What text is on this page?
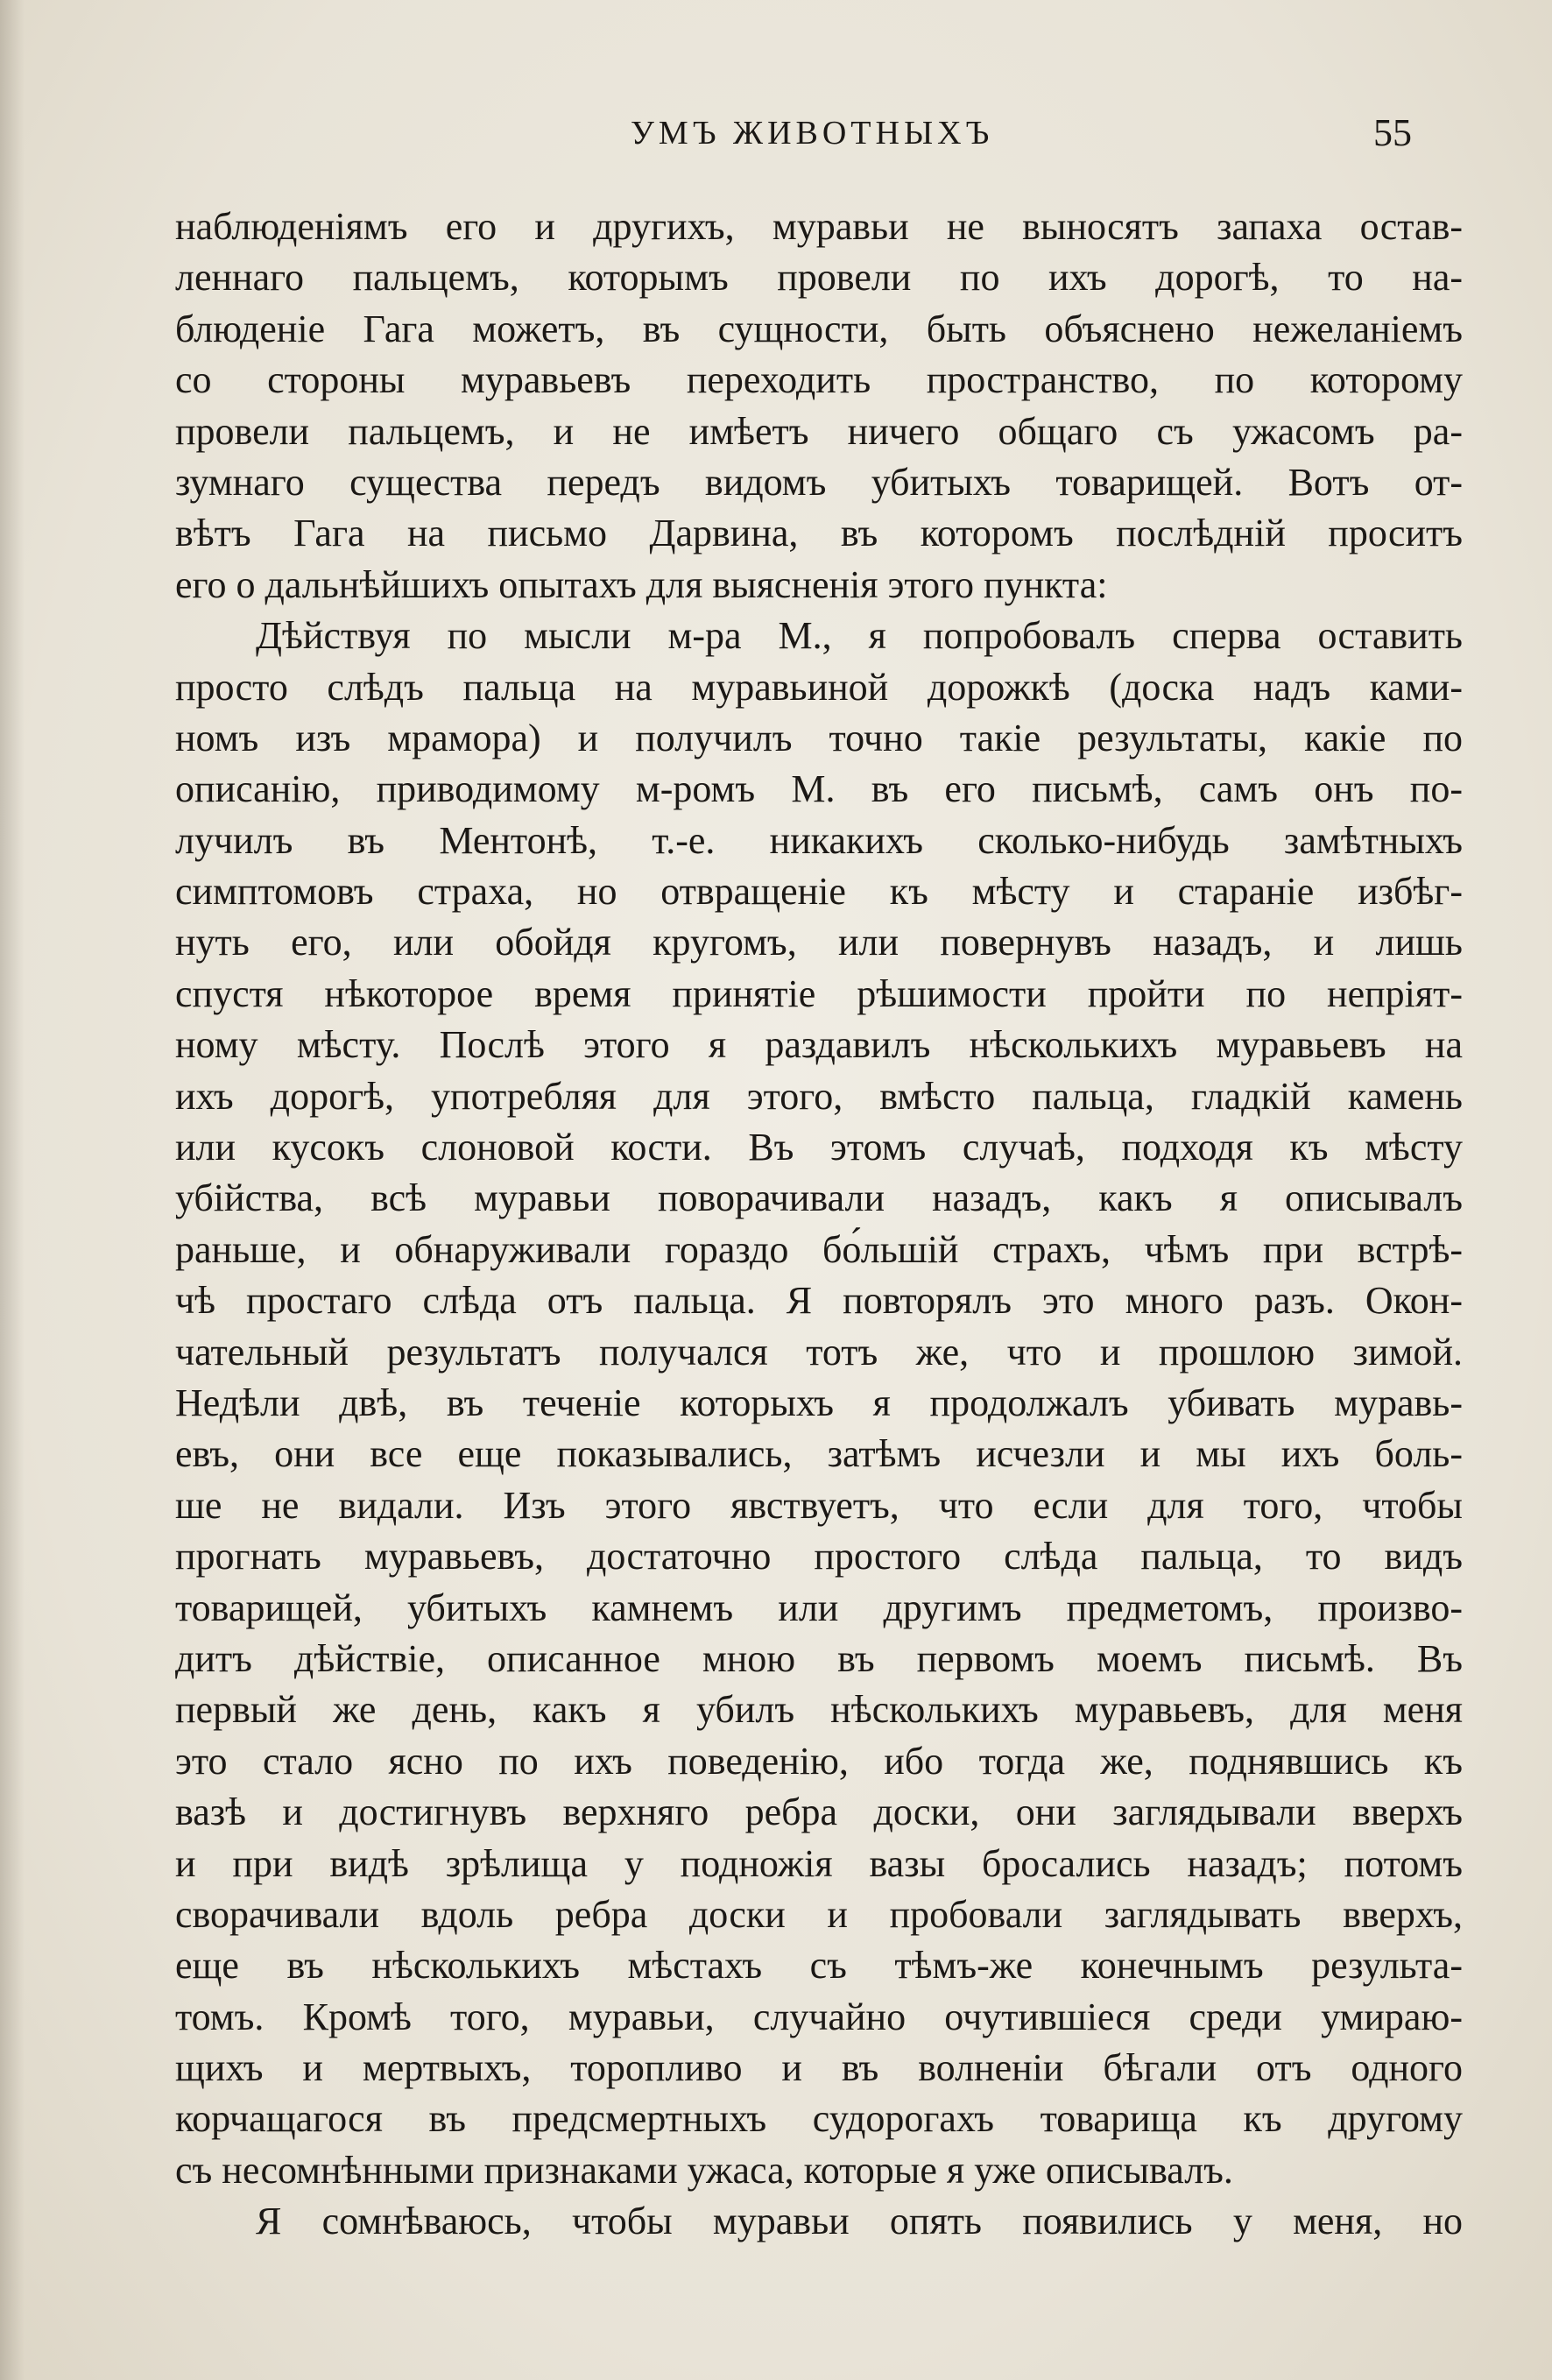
УМЪ ЖИВОТНЫХЪ	55
наблюденіямъ его и другихъ, муравьи не выносятъ запаха остав-
леннаго пальцемъ, которымъ провели по ихъ дорогѣ, то на-
блюденіе Гага можетъ, въ сущности, быть объяснено нежеланіемъ
со стороны муравьевъ переходить пространство, по которому
провели пальцемъ, и не имѣетъ ничего общаго съ ужасомъ ра-
зумнаго существа передъ видомъ убитыхъ товарищей. Вотъ от-
вѣтъ Гага на письмо Дарвина, въ которомъ послѣдній проситъ
его о дальнѣйшихъ опытахъ для выясненія этого пункта:
Дѣйствуя по мысли м-ра М., я попробовалъ сперва оставить
просто слѣдъ пальца на муравьиной дорожкѣ (доска надъ ками-
номъ изъ мрамора) и получилъ точно такіе результаты, какіе по
описанію, приводимому м-ромъ М. въ его письмѣ, самъ онъ по-
лучилъ въ Ментонѣ, т.-е. никакихъ сколько-нибудь замѣтныхъ
симптомовъ страха, но отвращеніе къ мѣсту и стараніе избѣг-
нуть его, или обойдя кругомъ, или повернувъ назадъ, и лишь
спустя нѣкоторое время принятіе рѣшимости пройти по непріят-
ному мѣсту. Послѣ этого я раздавилъ нѣсколькихъ муравьевъ на
ихъ дорогѣ, употребляя для этого, вмѣсто пальца, гладкій камень
или кусокъ слоновой кости. Въ этомъ случаѣ, подходя къ мѣсту
убійства, всѣ муравьи поворачивали назадъ, какъ я описывалъ
раньше, и обнаруживали гораздо бо́льшій страхъ, чѣмъ при встрѣ-
чѣ простаго слѣда отъ пальца. Я повторялъ это много разъ. Окон-
чательный результатъ получался тотъ же, что и прошлою зимой.
Недѣли двѣ, въ теченіе которыхъ я продолжалъ убивать муравь-
евъ, они все еще показывались, затѣмъ исчезли и мы ихъ боль-
ше не видали. Изъ этого явствуетъ, что если для того, чтобы
прогнать муравьевъ, достаточно простого слѣда пальца, то видъ
товарищей, убитыхъ камнемъ или другимъ предметомъ, произво-
дитъ дѣйствіе, описанное мною въ первомъ моемъ письмѣ. Въ
первый же день, какъ я убилъ нѣсколькихъ муравьевъ, для меня
это стало ясно по ихъ поведенію, ибо тогда же, поднявшись къ
вазѣ и достигнувъ верхняго ребра доски, они заглядывали вверхъ
и при видѣ зрѣлища у подножія вазы бросались назадъ; потомъ
сворачивали вдоль ребра доски и пробовали заглядывать вверхъ,
еще въ нѣсколькихъ мѣстахъ съ тѣмъ-же конечнымъ результа-
томъ. Кромѣ того, муравьи, случайно очутившіеся среди умираю-
щихъ и мертвыхъ, торопливо и въ волненіи бѣгали отъ одного
корчащагося въ предсмертныхъ судорогахъ товарища къ другому
съ несомнѣнными признаками ужаса, которые я уже описывалъ.
Я сомнѣваюсь, чтобы муравьи опять появились у меня, но
